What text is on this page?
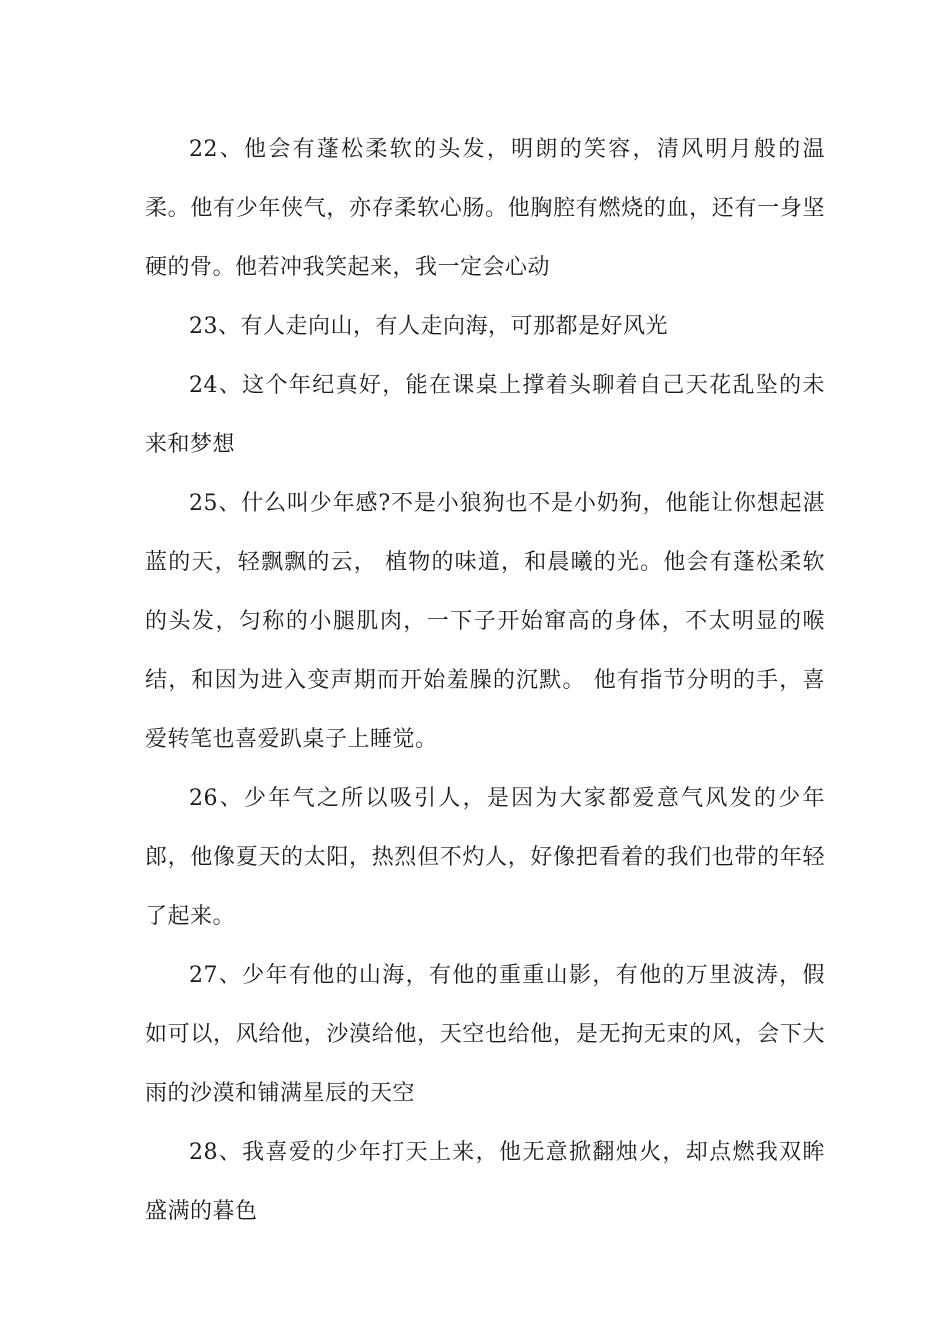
22、他会有蓬松柔软的头发，明朗的笑容，清风明月般的温柔。他有少年侠气，亦存柔软心肠。他胸腔有燃烧的血，还有一身坚硬的骨。他若冲我笑起来，我一定会心动

23、有人走向山，有人走向海，可那都是好风光

24、这个年纪真好，能在课桌上撑着头聊着自己天花乱坠的未来和梦想

25、什么叫少年感?不是小狼狗也不是小奶狗，他能让你想起湛蓝的天，轻飘飘的云， 植物的味道，和晨曦的光。他会有蓬松柔软的头发，匀称的小腿肌肉，一下子开始窜高的身体，不太明显的喉结，和因为进入变声期而开始羞臊的沉默。 他有指节分明的手，喜爱转笔也喜爱趴桌子上睡觉。

26、少年气之所以吸引人，是因为大家都爱意气风发的少年郎，他像夏天的太阳，热烈但不灼人，好像把看着的我们也带的年轻了起来。

27、少年有他的山海，有他的重重山影，有他的万里波涛，假如可以，风给他，沙漠给他，天空也给他，是无拘无束的风，会下大雨的沙漠和铺满星辰的天空

28、我喜爱的少年打天上来，他无意掀翻烛火，却点燃我双眸盛满的暮色
